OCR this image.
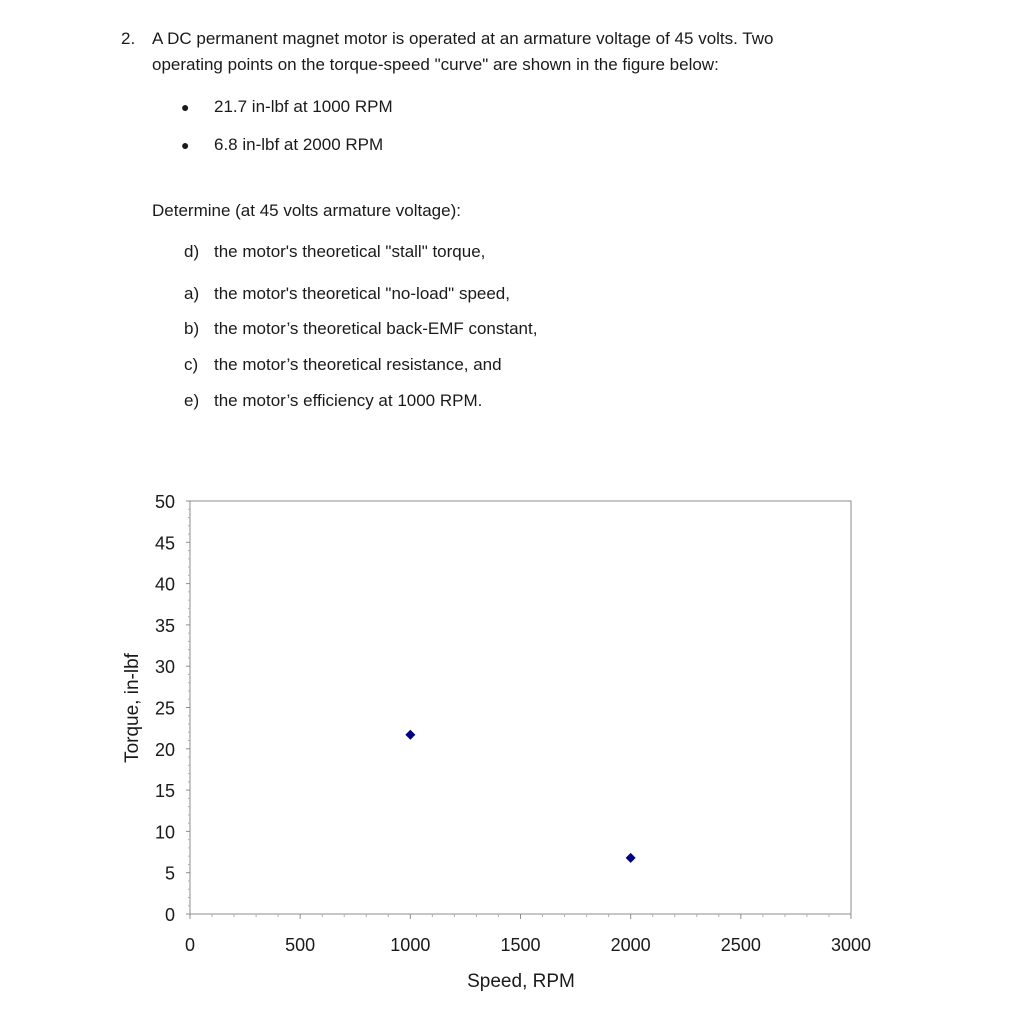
2. A DC permanent magnet motor is operated at an armature voltage of 45 volts. Two
operating points on the torque-speed "curve" are shown in the figure below:
● 21.7 in-lbf at 1000 RPM
● 6.8 in-lbf at 2000 RPM
Determine (at 45 volts armature voltage):
d) the motor's theoretical "stall" torque,
a) the motor's theoretical "no-load" speed,
b) the motor’s theoretical back-EMF constant,
c) the motor’s theoretical resistance, and
e) the motor’s efficiency at 1000 RPM.
0
5
10
15
20
25
30
35
40
45
50
0	500	1000	1500	2000	2500	3000
Speed, RPM
Torque, in-lbf
